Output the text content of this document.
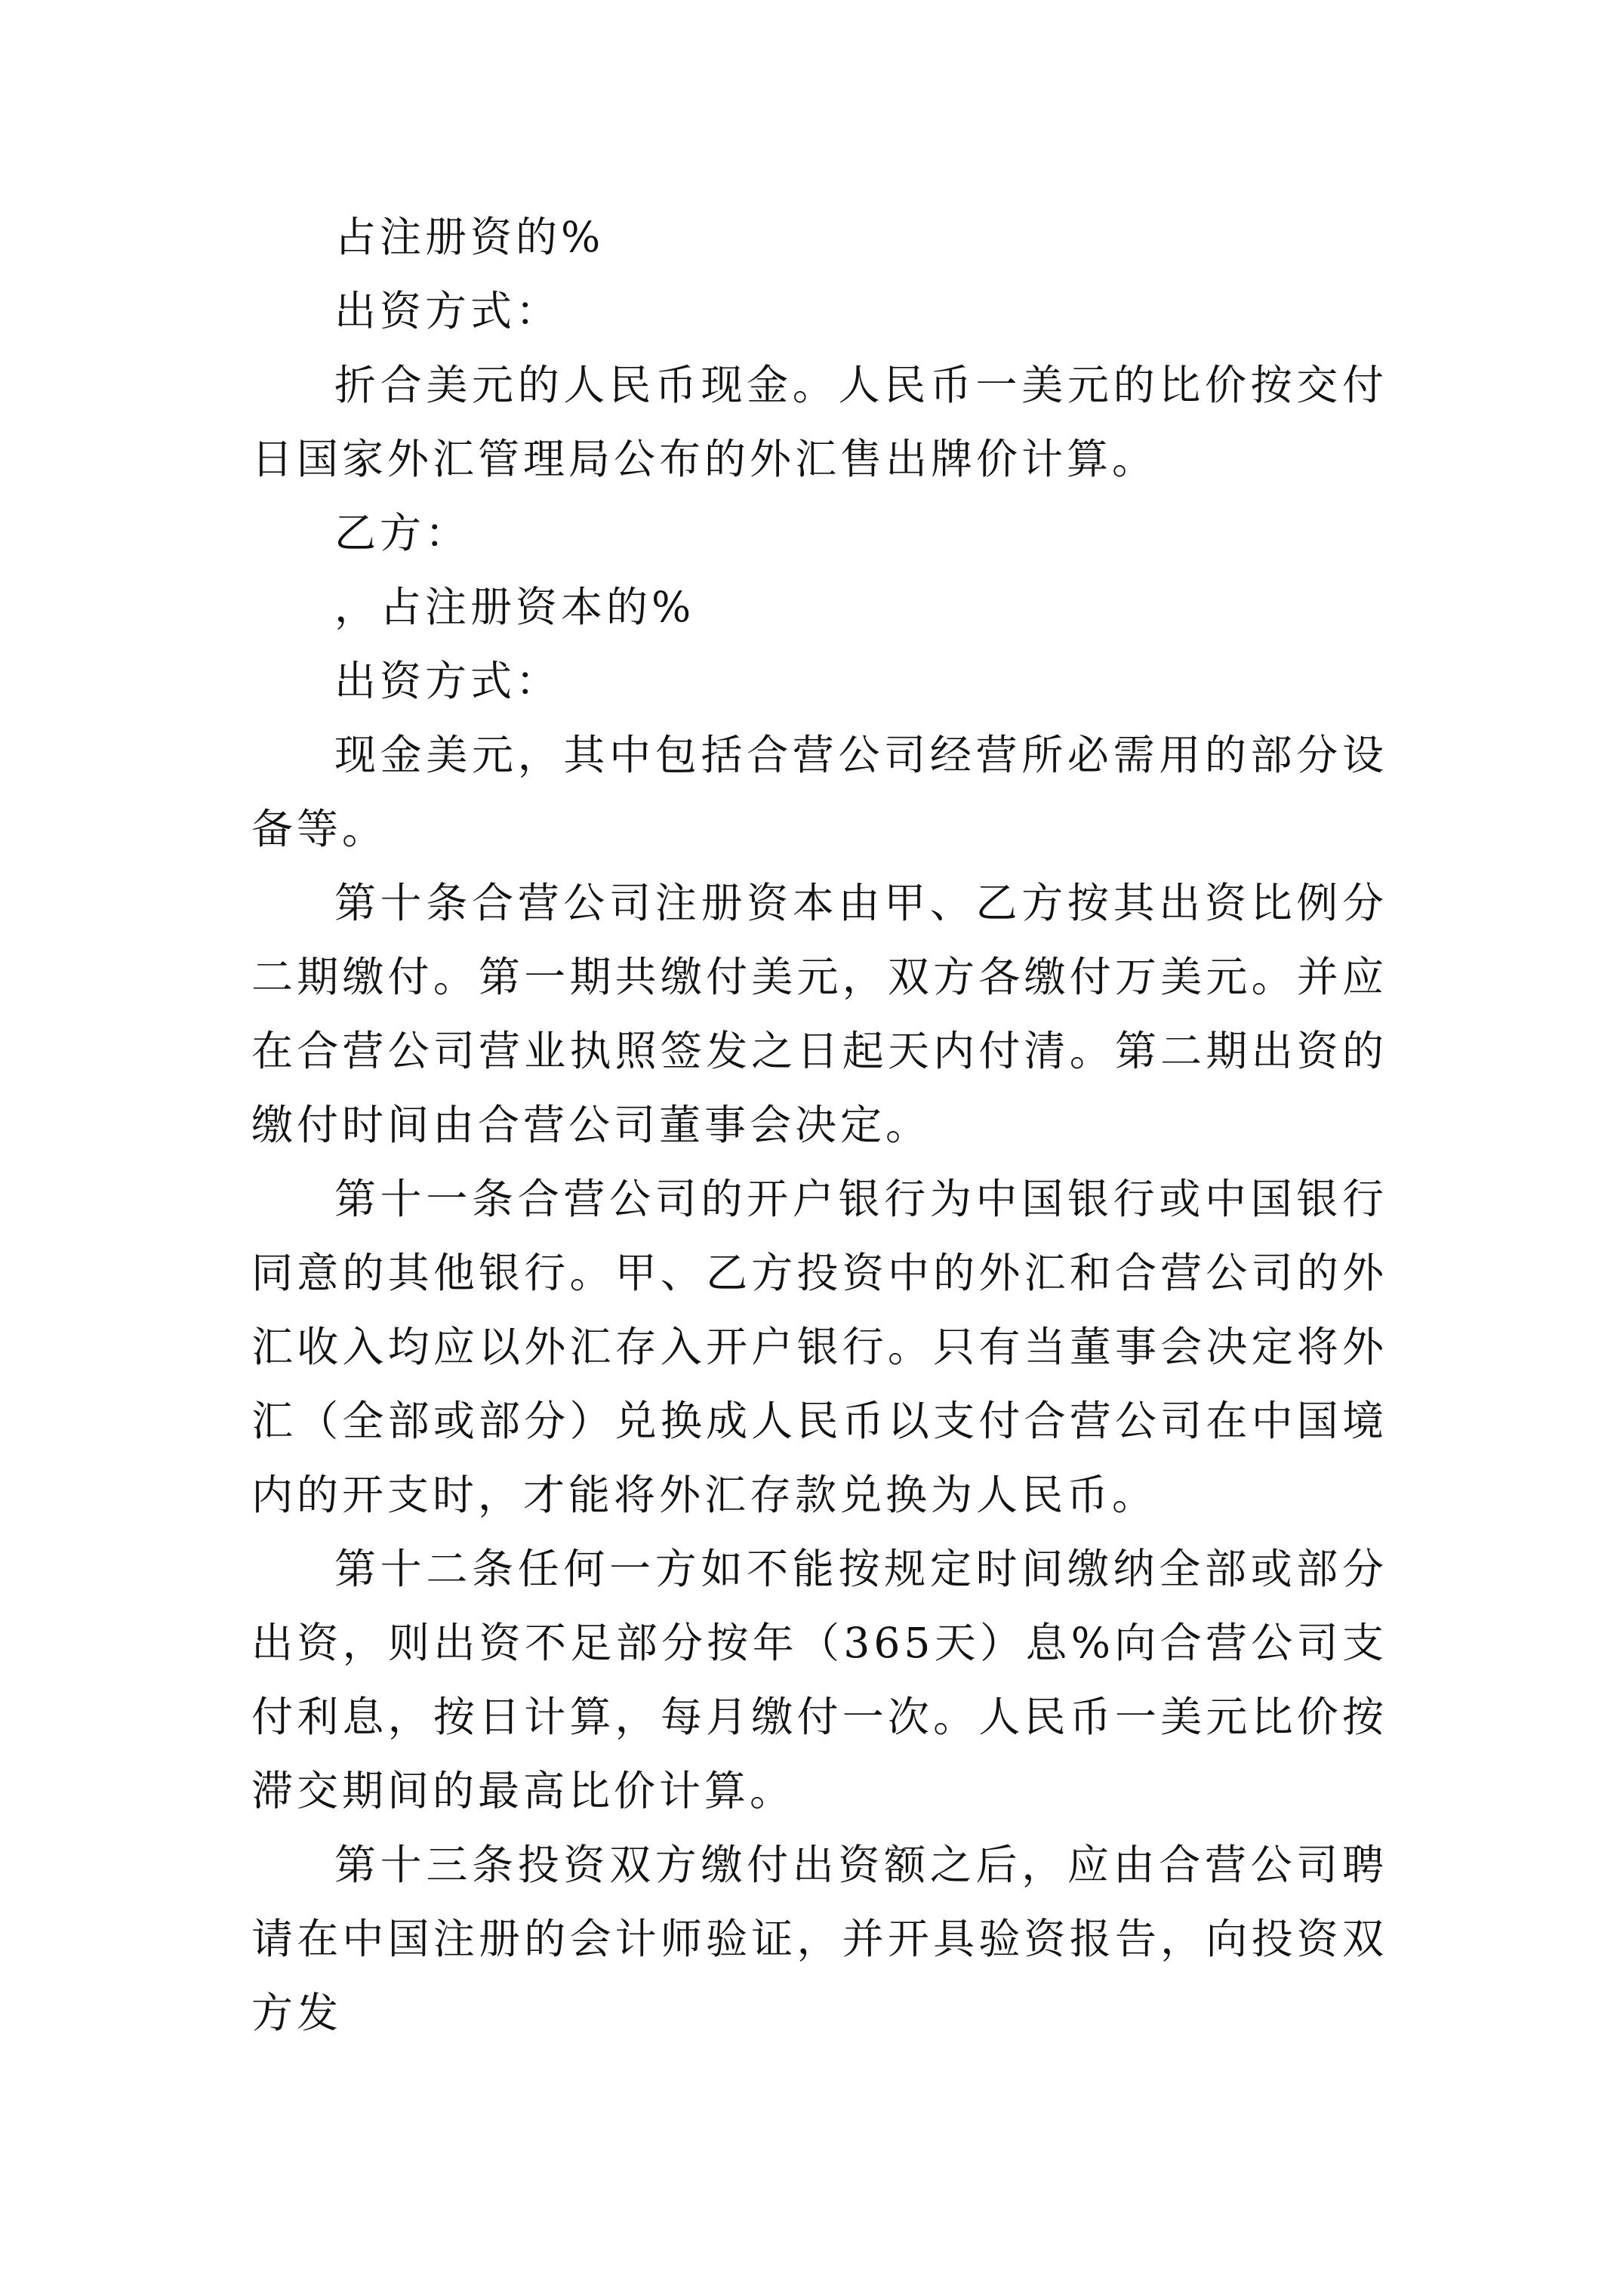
占注册资的%

出资方式：

折合美元的人民币现金。人民币一美元的比价按交付日国家外汇管理局公布的外汇售出牌价计算。

乙方：

，占注册资本的%

出资方式：

现金美元，其中包括合营公司经营所必需用的部分设备等。

第十条合营公司注册资本由甲、乙方按其出资比例分二期缴付。第一期共缴付美元，双方各缴付万美元。并应在合营公司营业执照签发之日起天内付清。第二期出资的缴付时间由合营公司董事会决定。

第十一条合营公司的开户银行为中国银行或中国银行同意的其他银行。甲、乙方投资中的外汇和合营公司的外汇收入均应以外汇存入开户银行。只有当董事会决定将外汇（全部或部分）兑换成人民币以支付合营公司在中国境内的开支时，才能将外汇存款兑换为人民币。

第十二条任何一方如不能按规定时间缴纳全部或部分出资，则出资不足部分按年（365天）息%向合营公司支付利息，按日计算，每月缴付一次。人民币一美元比价按滞交期间的最高比价计算。

第十三条投资双方缴付出资额之后，应由合营公司聘请在中国注册的会计师验证，并开具验资报告，向投资双方发
